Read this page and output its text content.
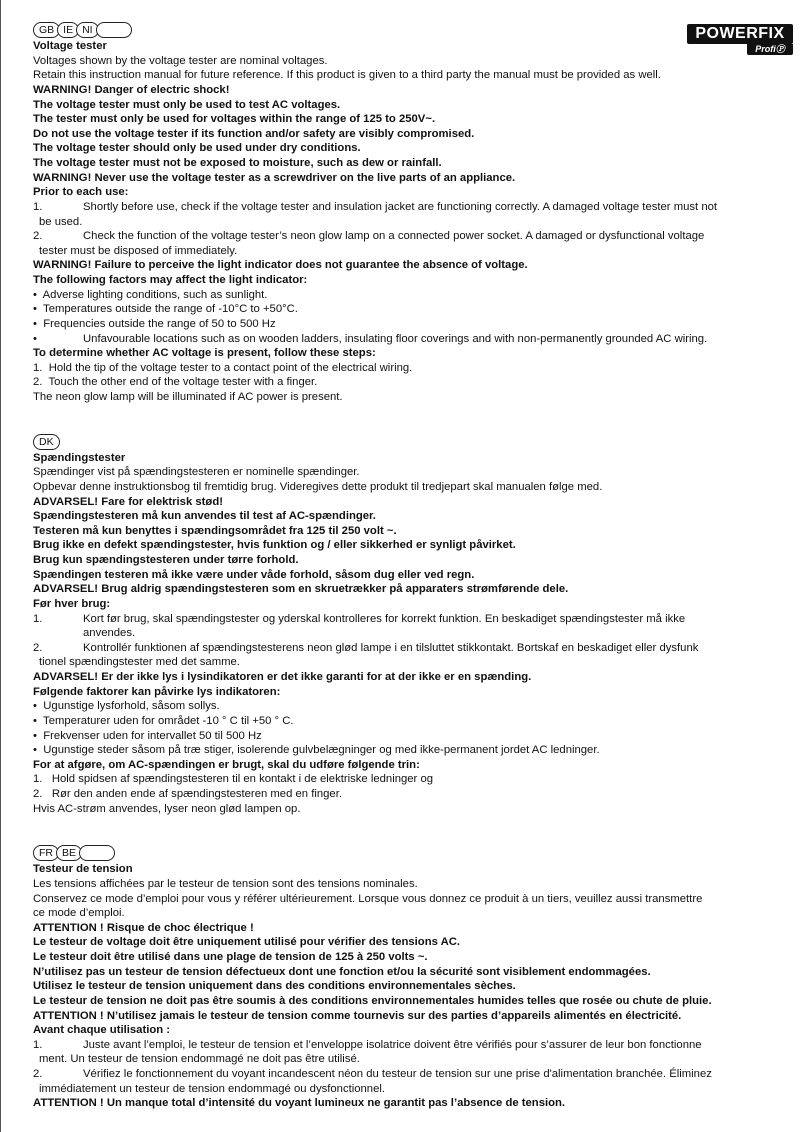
POWERFIX
ProfiⓅ
GB IE NI
Voltage tester
Voltages shown by the voltage tester are nominal voltages.
Retain this instruction manual for future reference. If this product is given to a third party the manual must be provided as well.
WARNING! Danger of electric shock!
The voltage tester must only be used to test AC voltages.
The tester must only be used for voltages within the range of 125 to 250V~.
Do not use the voltage tester if its function and/or safety are visibly compromised.
The voltage tester should only be used under dry conditions.
The voltage tester must not be exposed to moisture, such as dew or rainfall.
WARNING! Never use the voltage tester as a screwdriver on the live parts of an appliance.
Prior to each use:
1.	Shortly before use, check if the voltage tester and insulation jacket are functioning correctly. A damaged voltage tester must not
be used.
2.	Check the function of the voltage tester’s neon glow lamp on a connected power socket. A damaged or dysfunctional voltage
tester must be disposed of immediately.
WARNING! Failure to perceive the light indicator does not guarantee the absence of voltage.
The following factors may affect the light indicator:
• Adverse lighting conditions, such as sunlight.
• Temperatures outside the range of -10°C to +50°C.
• Frequencies outside the range of 50 to 500 Hz
•	Unfavourable locations such as on wooden ladders, insulating floor coverings and with non-permanently grounded AC wiring.
To determine whether AC voltage is present, follow these steps:
1. Hold the tip of the voltage tester to a contact point of the electrical wiring.
2. Touch the other end of the voltage tester with a finger.
The neon glow lamp will be illuminated if AC power is present.
DK
Spændingstester
Spændinger vist på spændingstesteren er nominelle spændinger.
Opbevar denne instruktionsbog til fremtidig brug. Videregives dette produkt til tredjepart skal manualen følge med.
ADVARSEL! Fare for elektrisk stød!
Spændingstesteren må kun anvendes til test af AC-spændinger.
Testeren må kun benyttes i spændingsområdet fra 125 til 250 volt ~.
Brug ikke en defekt spændingstester, hvis funktion og / eller sikkerhed er synligt påvirket.
Brug kun spændingstesteren under tørre forhold.
Spændingen testeren må ikke være under våde forhold, såsom dug eller ved regn.
ADVARSEL! Brug aldrig spændingstesteren som en skruetrækker på apparaters strømførende dele.
Før hver brug:
1.	Kort før brug, skal spændingstester og yderskal kontrolleres for korrekt funktion. En beskadiget spændingstester må ikke
anvendes.
2.	Kontrollér funktionen af spændingstesterens neon glød lampe i en tilsluttet stikkontakt. Bortskaf en beskadiget eller dysfunk
tionel spændingstester med det samme.
ADVARSEL! Er der ikke lys i lysindikatoren er det ikke garanti for at der ikke er en spænding.
Følgende faktorer kan påvirke lys indikatoren:
• Ugunstige lysforhold, såsom sollys.
• Temperaturer uden for området -10 ° C til +50 ° C.
• Frekvenser uden for intervallet 50 til 500 Hz
• Ugunstige steder såsom på træ stiger, isolerende gulvbelægninger og med ikke-permanent jordet AC ledninger.
For at afgøre, om AC-spændingen er brugt, skal du udføre følgende trin:
1. Hold spidsen af spændingstesteren til en kontakt i de elektriske ledninger og
2. Rør den anden ende af spændingstesteren med en finger.
Hvis AC-strøm anvendes, lyser neon glød lampen op.
FR BE
Testeur de tension
Les tensions affichées par le testeur de tension sont des tensions nominales.
Conservez ce mode d’emploi pour vous y référer ultérieurement. Lorsque vous donnez ce produit à un tiers, veuillez aussi transmettre
ce mode d’emploi.
ATTENTION ! Risque de choc électrique !
Le testeur de voltage doit être uniquement utilisé pour vérifier des tensions AC.
Le testeur doit être utilisé dans une plage de tension de 125 à 250 volts ~.
N’utilisez pas un testeur de tension défectueux dont une fonction et/ou la sécurité sont visiblement endommagées.
Utilisez le testeur de tension uniquement dans des conditions environnementales sèches.
Le testeur de tension ne doit pas être soumis à des conditions environnementales humides telles que rosée ou chute de pluie.
ATTENTION ! N’utilisez jamais le testeur de tension comme tournevis sur des parties d’appareils alimentés en électricité.
Avant chaque utilisation :
1.	Juste avant l’emploi, le testeur de tension et l’enveloppe isolatrice doivent être vérifiés pour s’assurer de leur bon fonctionne
ment. Un testeur de tension endommagé ne doit pas être utilisé.
2.	Vérifiez le fonctionnement du voyant incandescent néon du testeur de tension sur une prise d'alimentation branchée. Éliminez
immédiatement un testeur de tension endommagé ou dysfonctionnel.
ATTENTION ! Un manque total d’intensité du voyant lumineux ne garantit pas l’absence de tension.
